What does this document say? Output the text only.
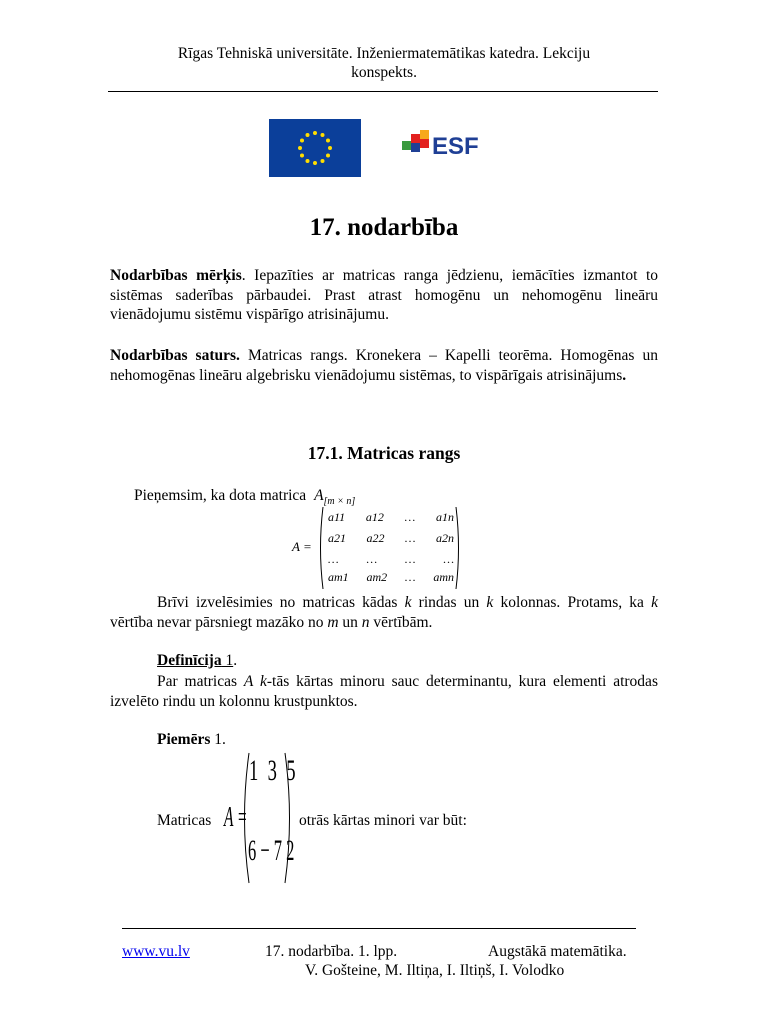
Rīgas Tehniskā universitāte. Inženiermatemātikas katedra. Lekciju
konspekts.
ESF
17. nodarbība
Nodarbības mērķis. Iepazīties ar matricas ranga jēdzienu, iemācīties izmantot to sistēmas saderības pārbaudei. Prast atrast homogēnu un nehomogēnu lineāru vienādojumu sistēmu vispārīgo atrisinājumu.
Nodarbības saturs. Matricas rangs. Kronekera – Kapelli teorēma. Homogēnas un nehomogēnas lineāru algebrisku vienādojumu sistēmas, to vispārīgais atrisinājums.
17.1. Matricas rangs
Pieņemsim, ka dota matrica $A_{[m \times n]}$
A =
a11 a12 … a1n
a21 a22 … a2n
… … … …
am1 am2 … amn
Brīvi izvelēsimies no matricas kādas k rindas un k kolonnas. Protams, ka k vērtība nevar pārsniegt mazāko no m un n vērtībām.
Definīcija 1.
Par matricas A k-tās kārtas minoru sauc determinantu, kura elementi atrodas izvelēto rindu un kolonnu krustpunktos.
Piemērs 1.
Matricas A =
1  3  5
6 − 7 2
otrās kārtas minori var būt:
www.vu.lv	17. nodarbība. 1. lpp.	Augstākā matemātika.
V. Gošteine, M. Iltiņa, I. Iltiņš, I. Volodko
